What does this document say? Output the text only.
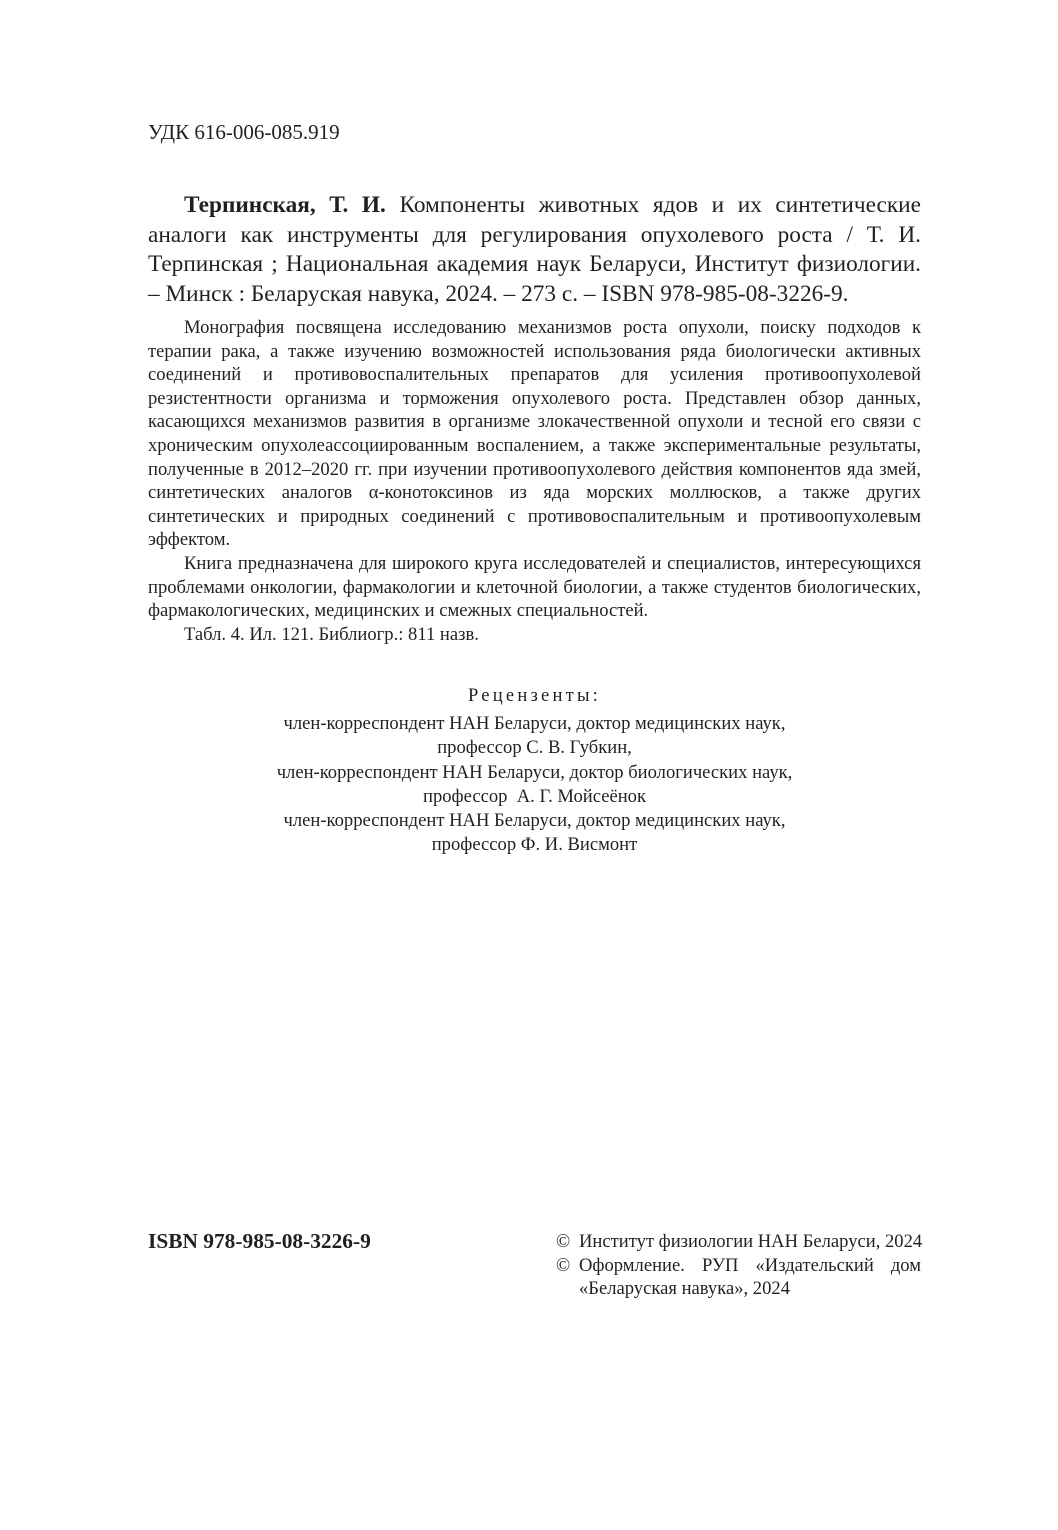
УДК 616-006-085.919

Терпинская, Т. И. Компоненты животных ядов и их синтетические аналоги как инструменты для регулирования опухолевого роста / Т. И. Терпинская ; Национальная академия наук Беларуси, Институт физиологии. – Минск : Беларуская навука, 2024. – 273 с. – ISBN 978-985-08-3226-9.

Монография посвящена исследованию механизмов роста опухоли, поиску подходов к терапии рака, а также изучению возможностей использования ряда биологически активных соединений и противовоспалительных препаратов для усиления противоопухолевой резистентности организма и торможения опухолевого роста. Представлен обзор данных, касающихся механизмов развития в организме злокачественной опухоли и тесной его связи с хроническим опухолеассоциированным воспалением, а также экспериментальные результаты, полученные в 2012–2020 гг. при изучении противоопухолевого действия компонентов яда змей, синтетических аналогов α-конотоксинов из яда морских моллюсков, а также других синтетических и природных соединений с противовоспалительным и противоопухолевым эффектом.

Книга предназначена для широкого круга исследователей и специалистов, интересующихся проблемами онкологии, фармакологии и клеточной биологии, а также студентов биологических, фармакологических, медицинских и смежных специальностей.

Табл. 4. Ил. 121. Библиогр.: 811 назв.

Рецензенты:
член-корреспондент НАН Беларуси, доктор медицинских наук,
профессор С. В. Губкин,
член-корреспондент НАН Беларуси, доктор биологических наук,
профессор  А. Г. Мойсеёнок
член-корреспондент НАН Беларуси, доктор медицинских наук,
профессор Ф. И. Висмонт
ISBN 978-985-08-3226-9	© Институт физиологии НАН Беларуси, 2024
© Оформление. РУП «Издательский дом «Беларуская навука», 2024
